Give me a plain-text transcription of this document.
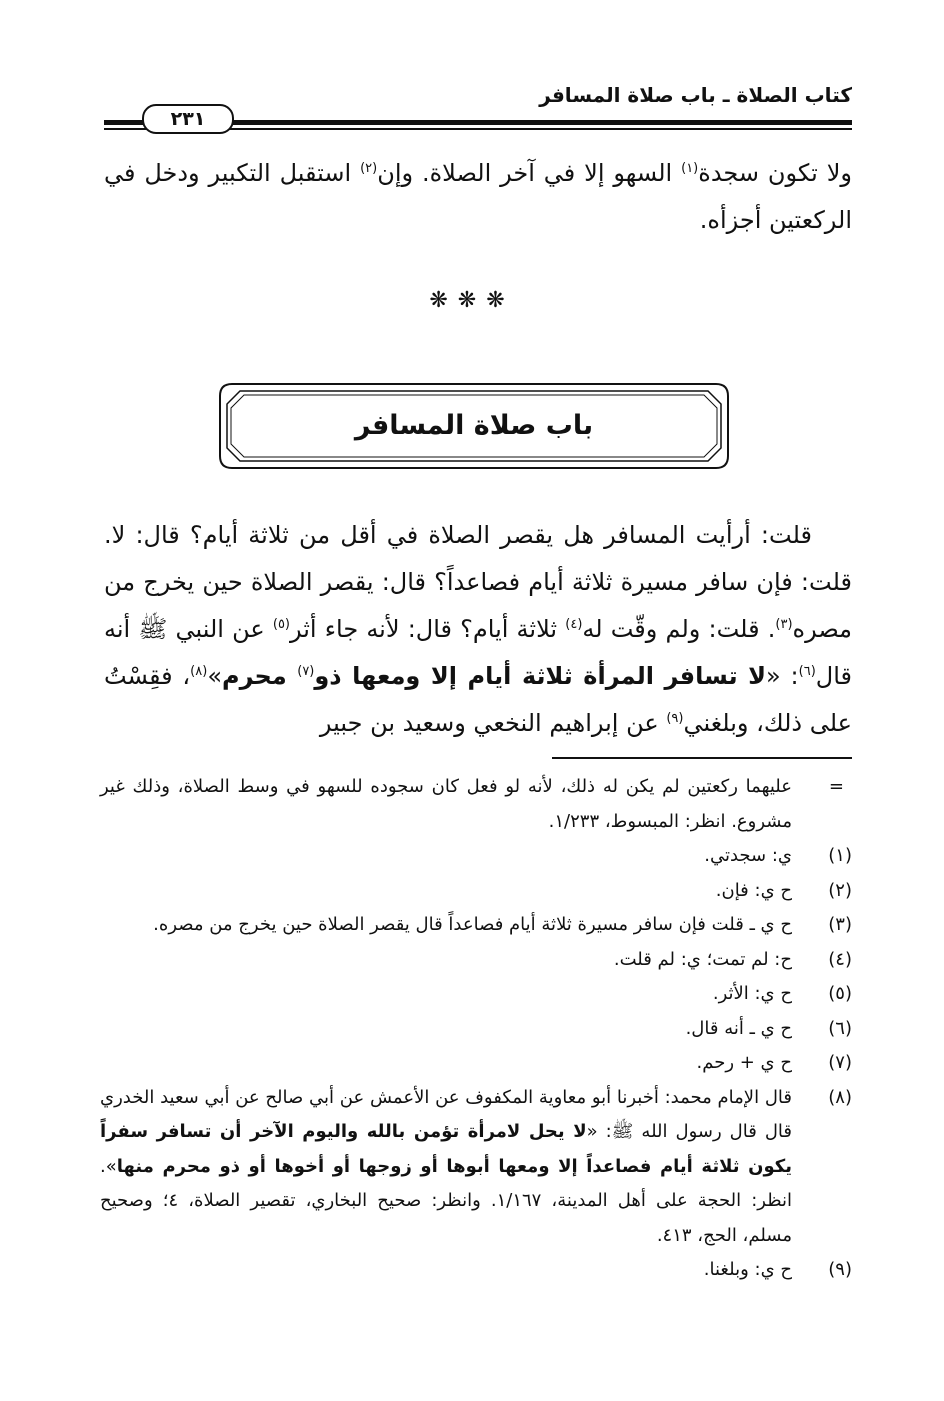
كتاب الصلاة ـ باب صلاة المسافر
٢٣١
ولا تكون سجدة$^{(١)}$ السهو إلا في آخر الصلاة. وإن$^{(٢)}$ استقبل التكبير ودخل في الركعتين أجزأه.
❋❋❋
باب صلاة المسافر
قلت: أرأيت المسافر هل يقصر الصلاة في أقل من ثلاثة أيام؟ قال: لا. قلت: فإن سافر مسيرة ثلاثة أيام فصاعداً؟ قال: يقصر الصلاة حين يخرج من مصره$^{(٣)}$. قلت: ولم وقّت له$^{(٤)}$ ثلاثة أيام؟ قال: لأنه جاء أثر$^{(٥)}$ عن النبي ﷺ أنه قال$^{(٦)}$: «لا تسافر المرأة ثلاثة أيام إلا ومعها ذو$^{(٧)}$ محرم»$^{(٨)}$، فقِسْتُ على ذلك، وبلغني$^{(٩)}$ عن إبراهيم النخعي وسعيد بن جبير
=
عليهما ركعتين لم يكن له ذلك، لأنه لو فعل كان سجوده للسهو في وسط الصلاة، وذلك غير مشروع. انظر: المبسوط، ١/٢٣٣.
(١)
ي: سجدتي.
(٢)
ح ي: فإن.
(٣)
ح ي ـ قلت فإن سافر مسيرة ثلاثة أيام فصاعداً قال يقصر الصلاة حين يخرج من مصره.
(٤)
ح: لم تمت؛ ي: لم قلت.
(٥)
ح ي: الأثر.
(٦)
ح ي ـ أنه قال.
(٧)
ح ي + رحم.
(٨)
قال الإمام محمد: أخبرنا أبو معاوية المكفوف عن الأعمش عن أبي صالح عن أبي سعيد الخدري قال قال رسول الله ﷺ: «لا يحل لامرأة تؤمن بالله واليوم الآخر أن تسافر سفراً يكون ثلاثة أيام فصاعداً إلا ومعها أبوها أو زوجها أو أخوها أو ذو محرم منها». انظر: الحجة على أهل المدينة، ١/١٦٧. وانظر: صحيح البخاري، تقصير الصلاة، ٤؛ وصحيح مسلم، الحج، ٤١٣.
(٩)
ح ي: وبلغنا.
